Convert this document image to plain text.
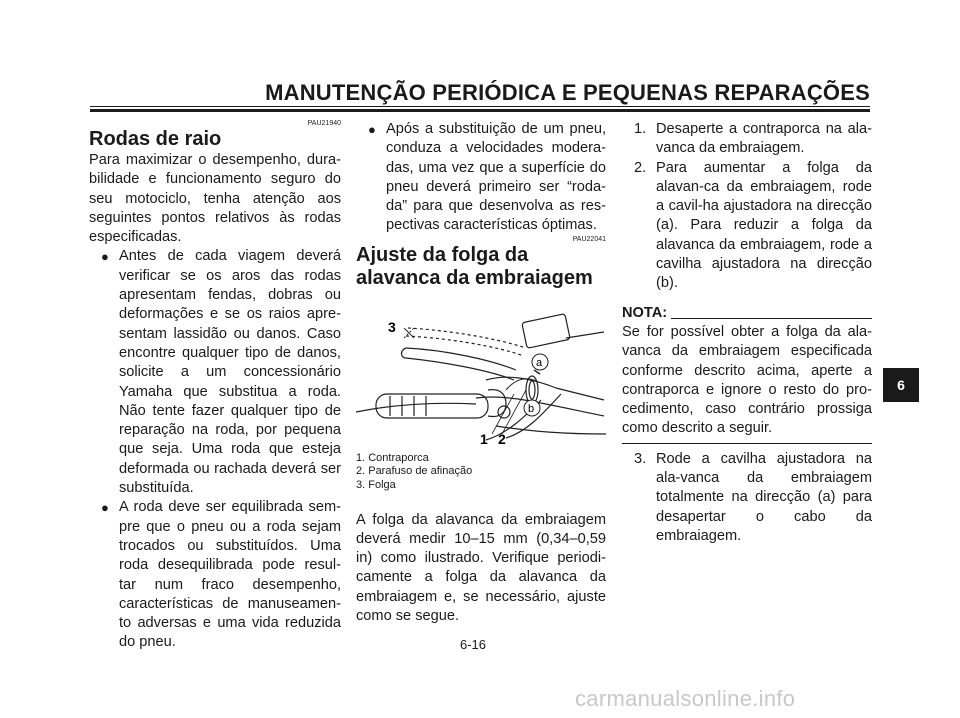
MANUTENÇÃO PERIÓDICA E PEQUENAS REPARAÇÕES
PAU21940
Rodas de raio

Para maximizar o desempenho, dura-bilidade e funcionamento seguro do seu motociclo, tenha atenção aos seguintes pontos relativos às rodas especificadas.

● Antes de cada viagem deverá verificar se os aros das rodas apresentam fendas, dobras ou deformações e se os raios apre-sentam lassidão ou danos. Caso encontre qualquer tipo de danos, solicite a um concessionário Yamaha que substitua a roda. Não tente fazer qualquer tipo de reparação na roda, por pequena que seja. Uma roda que esteja deformada ou rachada deverá ser substituída.
● A roda deve ser equilibrada sem-pre que o pneu ou a roda sejam trocados ou substituídos. Uma roda desequilibrada pode resul-tar num fraco desempenho, características de manuseamen-to adversas e uma vida reduzida do pneu.
● Após a substituição de um pneu, conduza a velocidades modera-das, uma vez que a superfície do pneu deverá primeiro ser “roda-da” para que desenvolva as res-pectivas características óptimas.
PAU22041
Ajuste da folga da alavanca da embraiagem
a
b
3
1 2
1. Contraporca
2. Parafuso de afinação
3. Folga

A folga da alavanca da embraiagem deverá medir 10–15 mm (0,34–0,59 in) como ilustrado. Verifique periodi-camente a folga da alavanca da embraiagem e, se necessário, ajuste como se segue.

1. Desaperte a contraporca na ala-vanca da embraiagem.
2. Para aumentar a folga da alavan-ca da embraiagem, rode a cavil-ha ajustadora na direcção (a). Para reduzir a folga da alavanca da embraiagem, rode a cavilha ajustadora na direcção (b).
NOTA:

Se for possível obter a folga da ala-vanca da embraiagem especificada conforme descrito acima, aperte a contraporca e ignore o resto do pro-cedimento, caso contrário prossiga como descrito a seguir.

3. Rode a cavilha ajustadora na ala-vanca da embraiagem totalmente na direcção (a) para desapertar o cabo da embraiagem.
6-16
6
carmanualsonline.info
